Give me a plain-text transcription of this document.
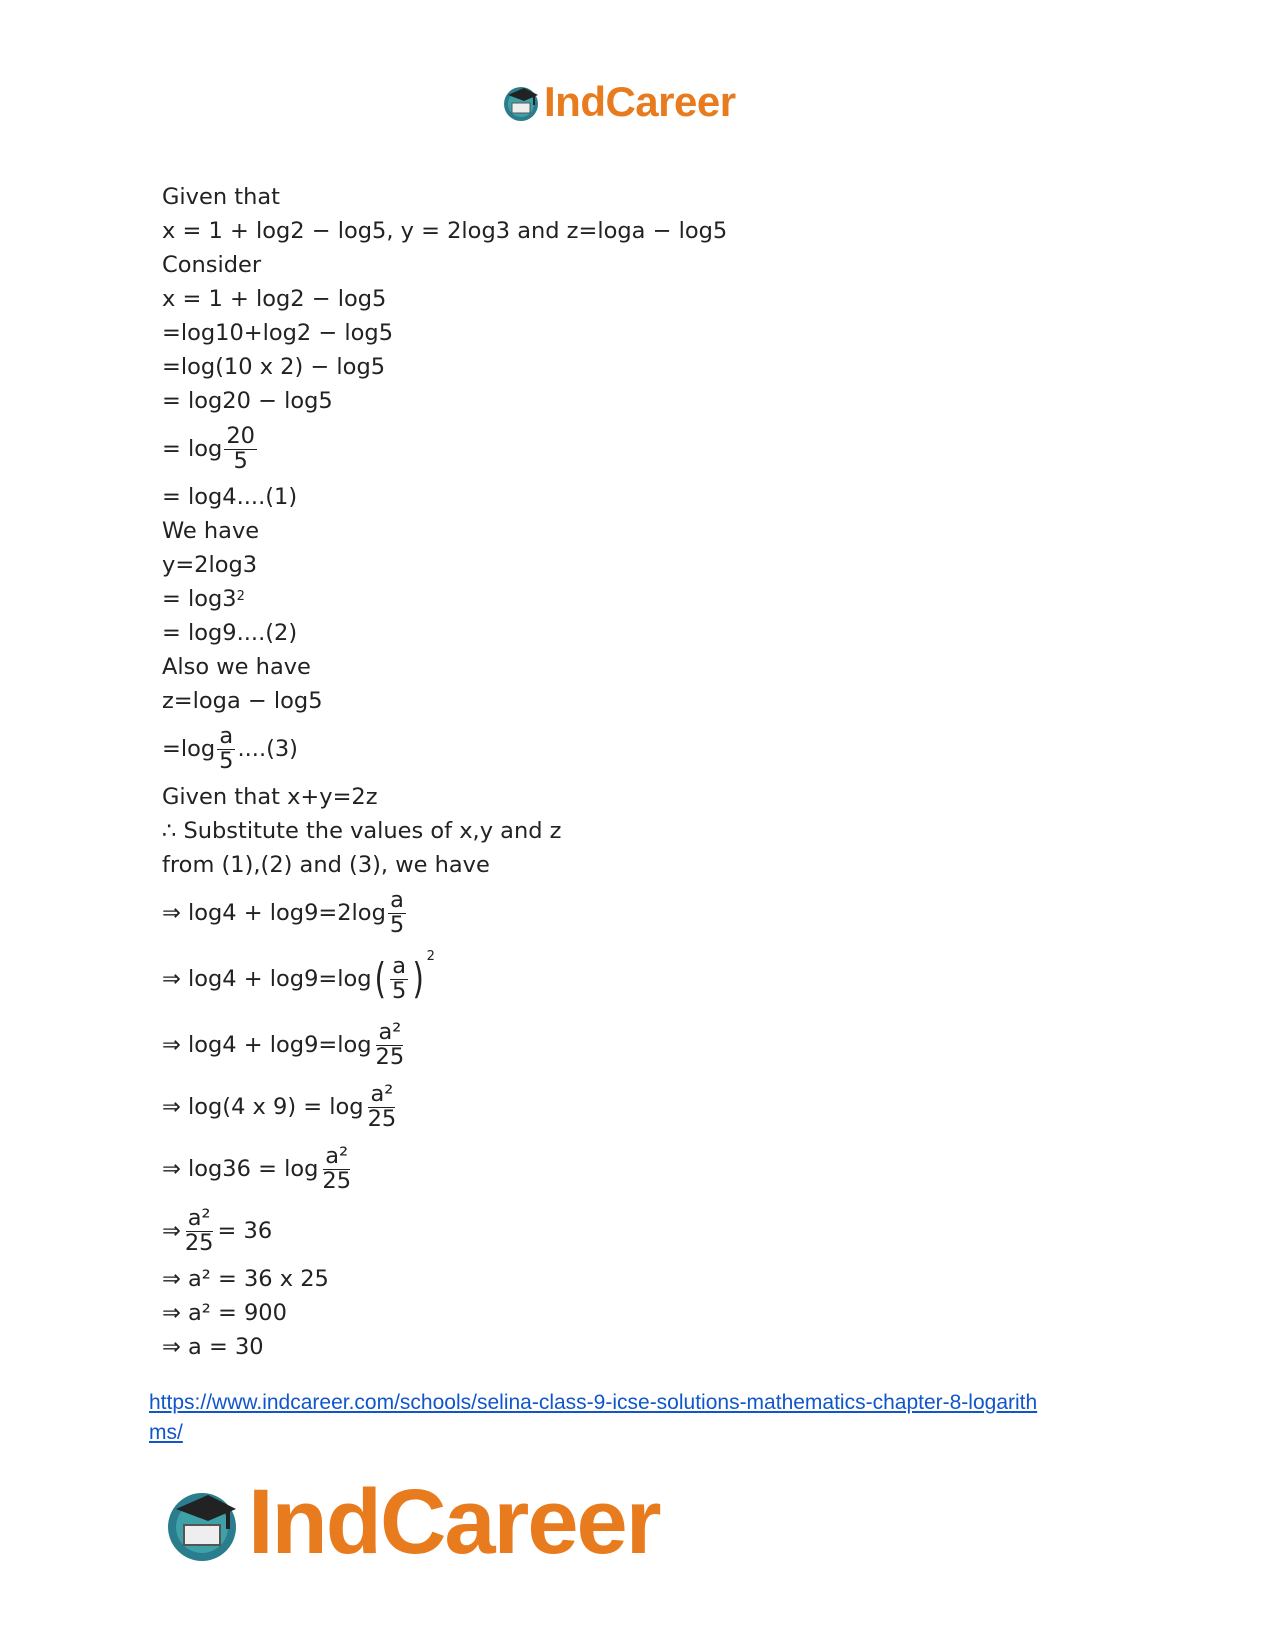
IndCareer
Given that
x = 1 + log2 − log5, y = 2log3 and z=loga − log5
Consider
x = 1 + log2 − log5
=log10+log2 − log5
=log(10 x 2) − log5
= log20 − log5
= $\log \frac{20}{5}$
= log4....(1)
We have
y=2log3
= $\log 3^2$
= log9....(2)
Also we have
z=loga − log5
$=\log \frac{a}{5} ....(3)$
Given that x+y=2z
∴ Substitute the values of x,y and z
from (1),(2) and (3), we have
⇒ $\log 4 + \log 9=2\log \frac{a}{5}$
⇒ log4 + log9=log ( $\frac{a}{5} )^2$
⇒ $\log 4 + \log 9=\log \frac{\text{a²}}{25}$
⇒ log(4 x $9) = \log \frac{\text{a²}}{25}$
⇒ $\log 36 = \log \frac{\text{a²}}{25}$
⇒ $\frac{\text{a²}}{25} = 36$
⇒ a² = 36 x 25
⇒ a² = 900
⇒ a = 30
https://www.indcareer.com/schools/selina-class-9-icse-solutions-mathematics-chapter-8-logarith
ms/
IndCareer
